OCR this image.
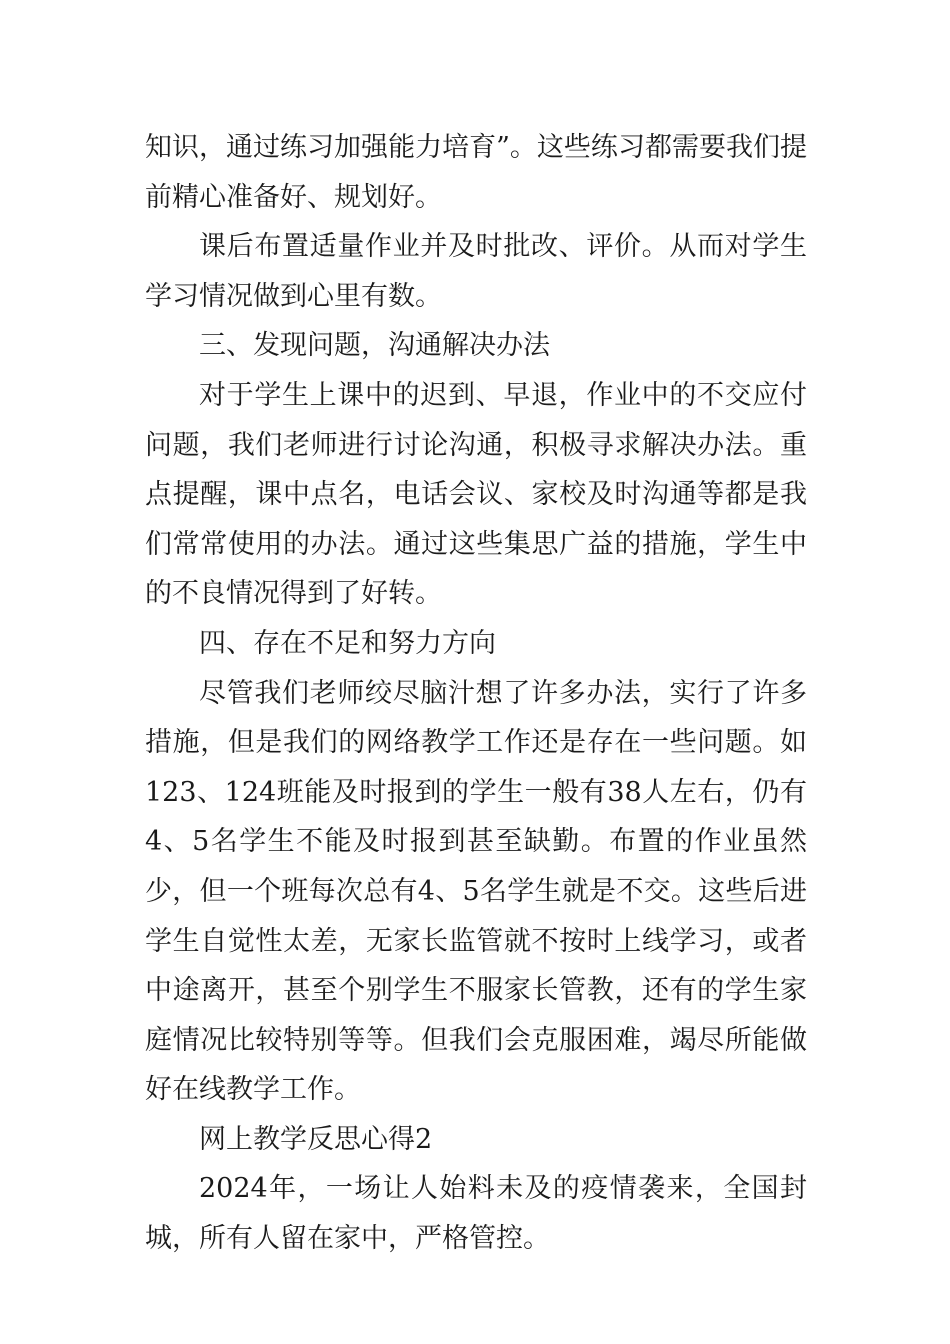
知识，通过练习加强能力培育”。这些练习都需要我们提前精心准备好、规划好。

课后布置适量作业并及时批改、评价。从而对学生学习情况做到心里有数。

三、发现问题，沟通解决办法

对于学生上课中的迟到、早退，作业中的不交应付问题，我们老师进行讨论沟通，积极寻求解决办法。重点提醒，课中点名，电话会议、家校及时沟通等都是我们常常使用的办法。通过这些集思广益的措施，学生中的不良情况得到了好转。

四、存在不足和努力方向

尽管我们老师绞尽脑汁想了许多办法，实行了许多措施，但是我们的网络教学工作还是存在一些问题。如123、124班能及时报到的学生一般有38人左右，仍有4、5名学生不能及时报到甚至缺勤。布置的作业虽然少，但一个班每次总有4、5名学生就是不交。这些后进学生自觉性太差，无家长监管就不按时上线学习，或者中途离开，甚至个别学生不服家长管教，还有的学生家庭情况比较特别等等。但我们会克服困难，竭尽所能做好在线教学工作。

网上教学反思心得2

2024年，一场让人始料未及的疫情袭来，全国封城，所有人留在家中，严格管控。
